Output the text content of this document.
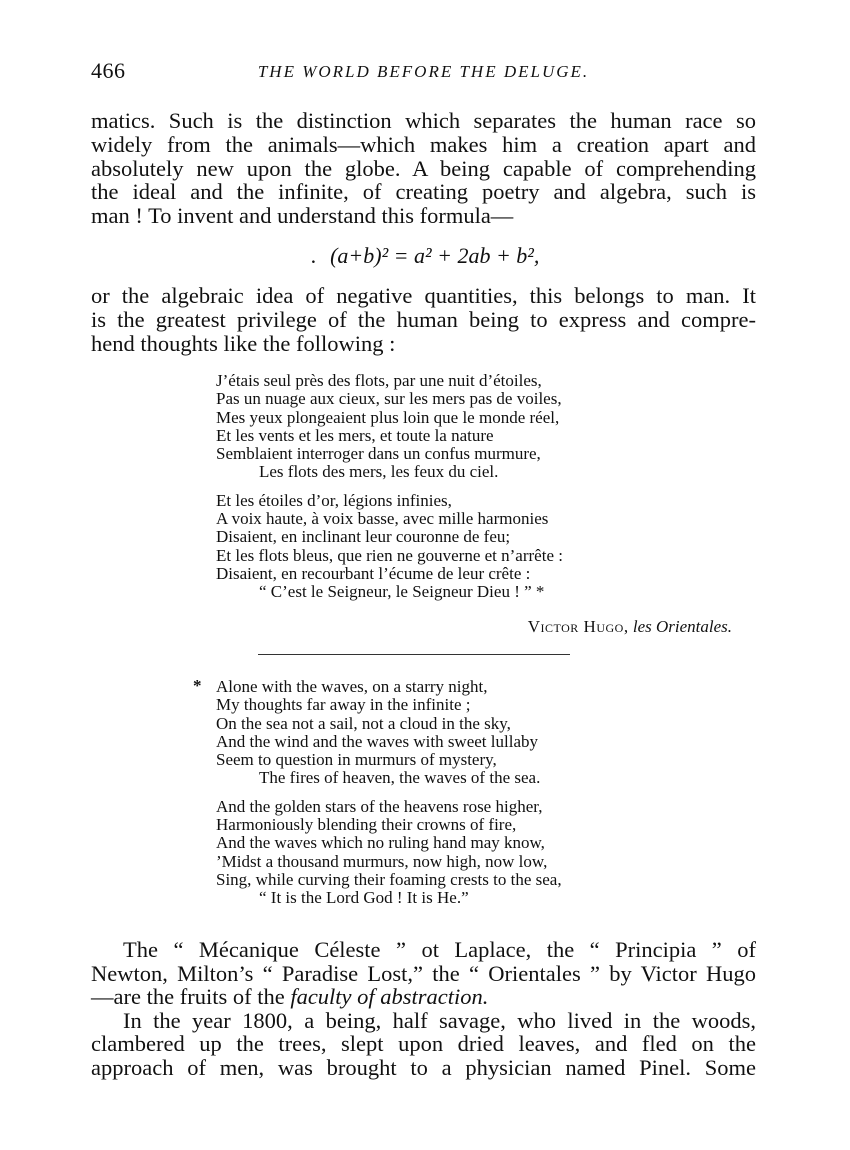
466	THE WORLD BEFORE THE DELUGE.

matics. Such is the distinction which separates the human race so
widely from the animals—which makes him a creation apart and
absolutely new upon the globe. A being capable of comprehending
the ideal and the infinite, of creating poetry and algebra, such is
man ! To invent and understand this formula—

. (a+b)² = a² + 2ab + b²,

or the algebraic idea of negative quantities, this belongs to man. It
is the greatest privilege of the human being to express and compre-
hend thoughts like the following :

J’étais seul près des flots, par une nuit d’étoiles,
Pas un nuage aux cieux, sur les mers pas de voiles,
Mes yeux plongeaient plus loin que le monde réel,
Et les vents et les mers, et toute la nature
Semblaient interroger dans un confus murmure,
Les flots des mers, les feux du ciel.
Et les étoiles d’or, légions infinies,
A voix haute, à voix basse, avec mille harmonies
Disaient, en inclinant leur couronne de feu;
Et les flots bleus, que rien ne gouverne et n’arrête :
Disaient, en recourbant l’écume de leur crête :
“ C’est le Seigneur, le Seigneur Dieu ! ” *
Victor Hugo, les Orientales.
* Alone with the waves, on a starry night,
My thoughts far away in the infinite ;
On the sea not a sail, not a cloud in the sky,
And the wind and the waves with sweet lullaby
Seem to question in murmurs of mystery,
The fires of heaven, the waves of the sea.
And the golden stars of the heavens rose higher,
Harmoniously blending their crowns of fire,
And the waves which no ruling hand may know,
’Midst a thousand murmurs, now high, now low,
Sing, while curving their foaming crests to the sea,
“ It is the Lord God ! It is He.”

The “ Mécanique Céleste ” ot Laplace, the “ Principia ” of
Newton, Milton’s “ Paradise Lost,” the “ Orientales ” by Victor Hugo
—are the fruits of the faculty of abstraction.

In the year 1800, a being, half savage, who lived in the woods,
clambered up the trees, slept upon dried leaves, and fled on the
approach of men, was brought to a physician named Pinel. Some
